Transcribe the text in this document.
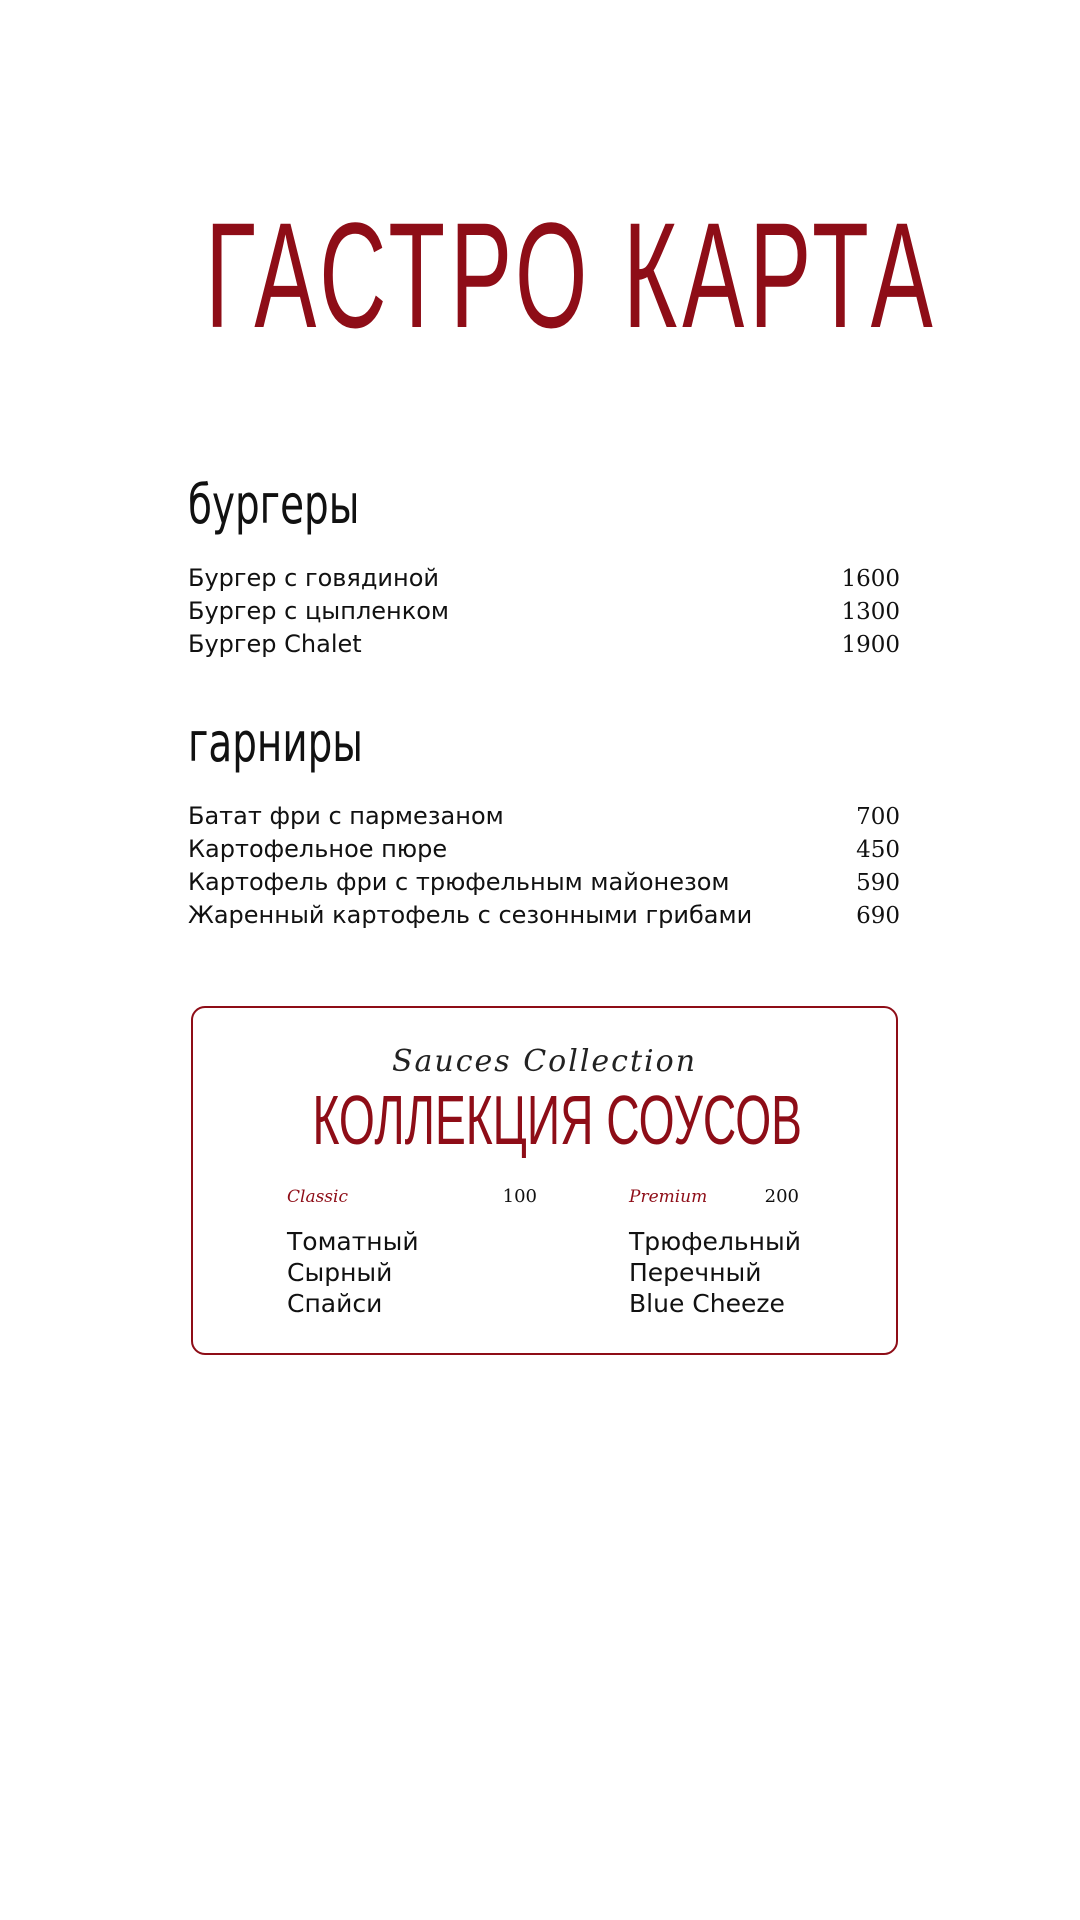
ГАСТРО КАРТА
бургеры
Бургер с говядиной	1600
Бургер с цыпленком	1300
Бургер Chalet	1900
гарниры
Батат фри с пармезаном	700
Картофельное пюре	450
Картофель фри с трюфельным майонезом	590
Жаренный картофель с сезонными грибами	690
Sauces Collection
КОЛЛЕКЦИЯ СОУСОВ
Classic	100
Томатный
Сырный
Спайси
Premium	200
Трюфельный
Перечный
Blue Cheeze
